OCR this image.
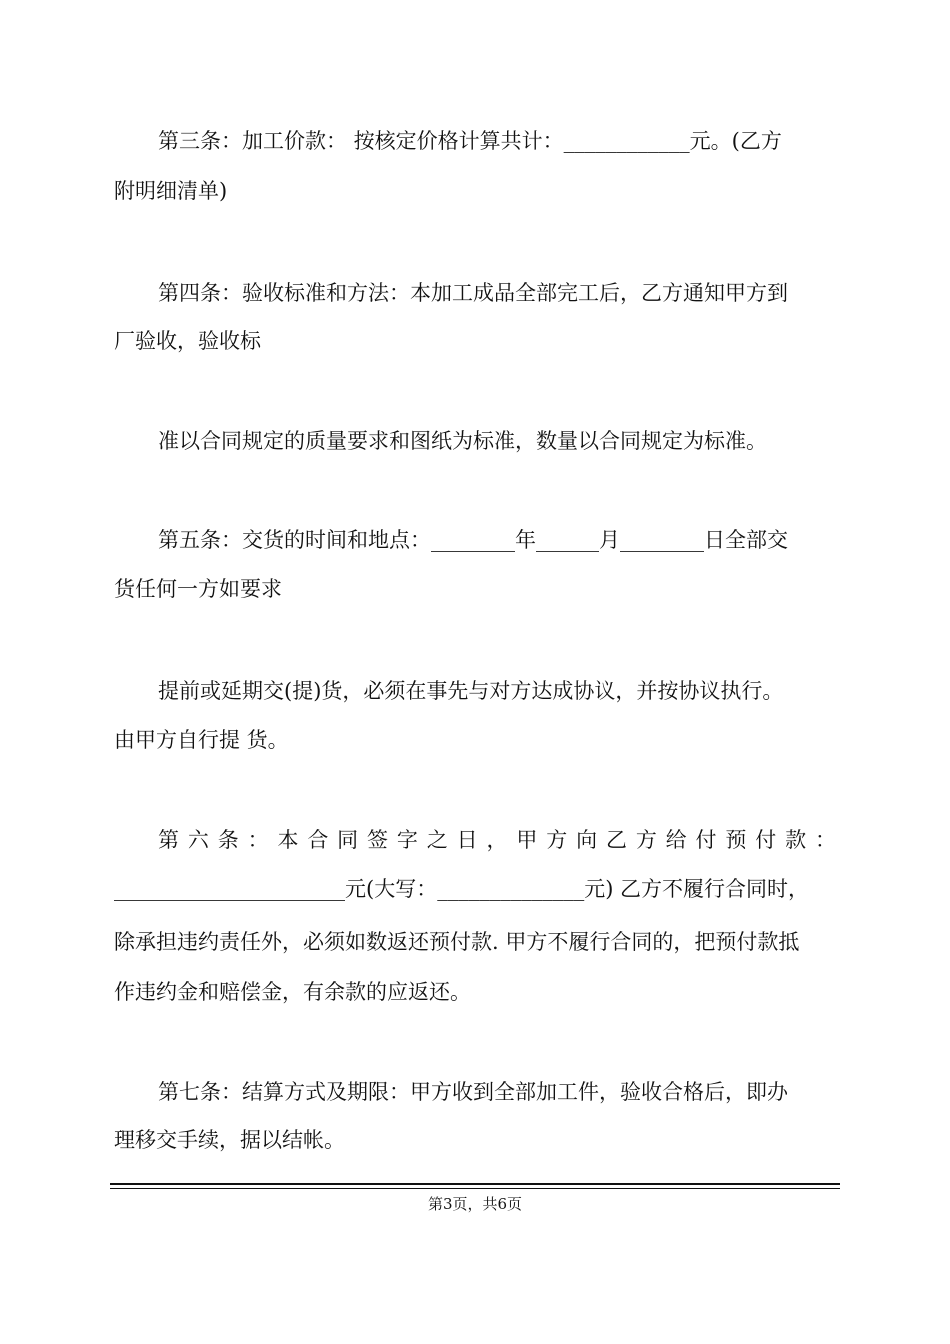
第三条：加工价款： 按核定价格计算共计：____________元。(乙方
附明细清单)
第四条：验收标准和方法：本加工成品全部完工后，乙方通知甲方到
厂验收，验收标
准以合同规定的质量要求和图纸为标准，数量以合同规定为标准。
第五条：交货的时间和地点：________年______月________日全部交
货任何一方如要求
提前或延期交(提)货，必须在事先与对方达成协议，并按协议执行。
由甲方自行提 货。
第六条：本合同签字之日，甲方向乙方给付预付款：
______________________元(大写：______________元) 乙方不履行合同时，
除承担违约责任外，必须如数返还预付款. 甲方不履行合同的，把预付款抵
作违约金和赔偿金，有余款的应返还。
第七条：结算方式及期限：甲方收到全部加工件，验收合格后，即办
理移交手续，据以结帐。
第3页，共6页
